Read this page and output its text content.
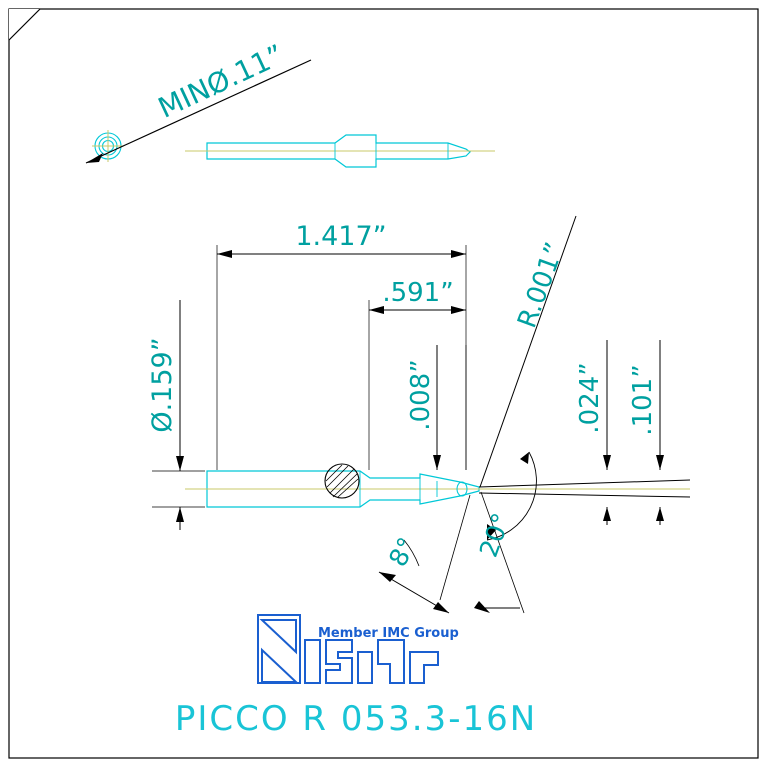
1.417”
.591”
Ø.159”	.008”
R.001”
.024” .101”
8° 20°
MINØ.11”
Member IMC Group
PICCO R 053.3-16N
